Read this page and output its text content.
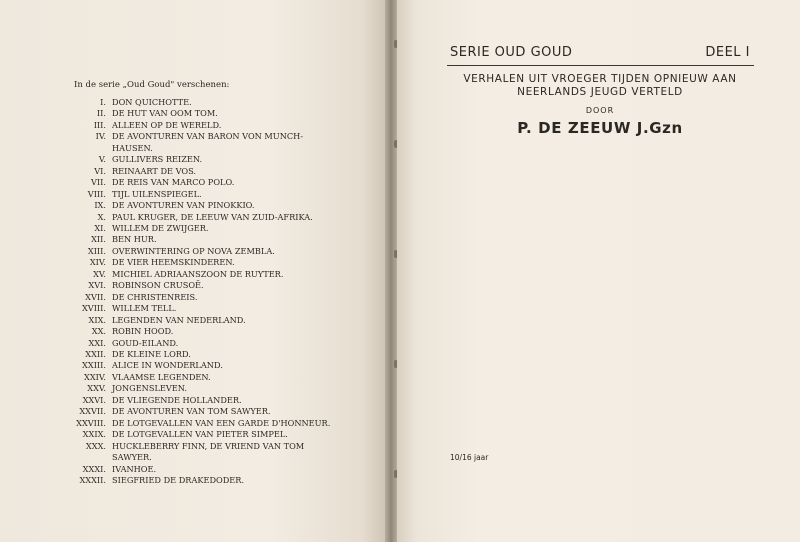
In de serie „Oud Goud" verschenen:
I. DON QUICHOTTE.
II. DE HUT VAN OOM TOM.
III. ALLEEN OP DE WERELD.
IV. DE AVONTUREN VAN BARON VON MUNCH-
HAUSEN.
V. GULLIVERS REIZEN.
VI. REINAART DE VOS.
VII. DE REIS VAN MARCO POLO.
VIII. TIJL UILENSPIEGEL.
IX. DE AVONTUREN VAN PINOKKIO.
X. PAUL KRUGER, DE LEEUW VAN ZUID-AFRIKA.
XI. WILLEM DE ZWIJGER.
XII. BEN HUR.
XIII. OVERWINTERING OP NOVA ZEMBLA.
XIV. DE VIER HEEMSKINDEREN.
XV. MICHIEL ADRIAANSZOON DE RUYTER.
XVI. ROBINSON CRUSOË.
XVII. DE CHRISTENREIS.
XVIII. WILLEM TELL.
XIX. LEGENDEN VAN NEDERLAND.
XX. ROBIN HOOD.
XXI. GOUD-EILAND.
XXII. DE KLEINE LORD.
XXIII. ALICE IN WONDERLAND.
XXIV. VLAAMSE LEGENDEN.
XXV. JONGENSLEVEN.
XXVI. DE VLIEGENDE HOLLANDER.
XXVII. DE AVONTUREN VAN TOM SAWYER.
XXVIII. DE LOTGEVALLEN VAN EEN GARDE D'HONNEUR.
XXIX. DE LOTGEVALLEN VAN PIETER SIMPEL.
XXX. HUCKLEBERRY FINN, DE VRIEND VAN TOM
SAWYER.
XXXI. IVANHOE.
XXXII. SIEGFRIED DE DRAKEDODER.
SERIE OUD GOUD	DEEL I
VERHALEN UIT VROEGER TIJDEN OPNIEUW AAN
NEERLANDS JEUGD VERTELD
DOOR
P. DE ZEEUW J.Gzn
10/16 jaar
